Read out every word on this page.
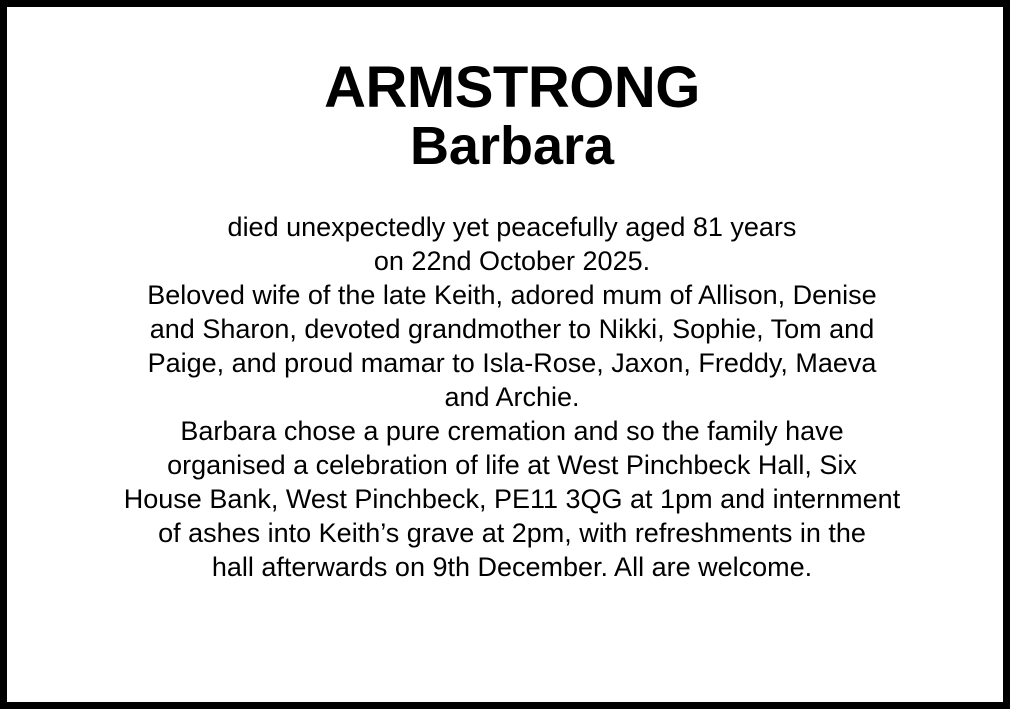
ARMSTRONG
Barbara
died unexpectedly yet peacefully aged 81 years
on 22nd October 2025.
Beloved wife of the late Keith, adored mum of Allison, Denise
and Sharon, devoted grandmother to Nikki, Sophie, Tom and
Paige, and proud mamar to Isla-Rose, Jaxon, Freddy, Maeva
and Archie.
Barbara chose a pure cremation and so the family have
organised a celebration of life at West Pinchbeck Hall, Six
House Bank, West Pinchbeck, PE11 3QG at 1pm and internment
of ashes into Keith’s grave at 2pm, with refreshments in the
hall afterwards on 9th December. All are welcome.
